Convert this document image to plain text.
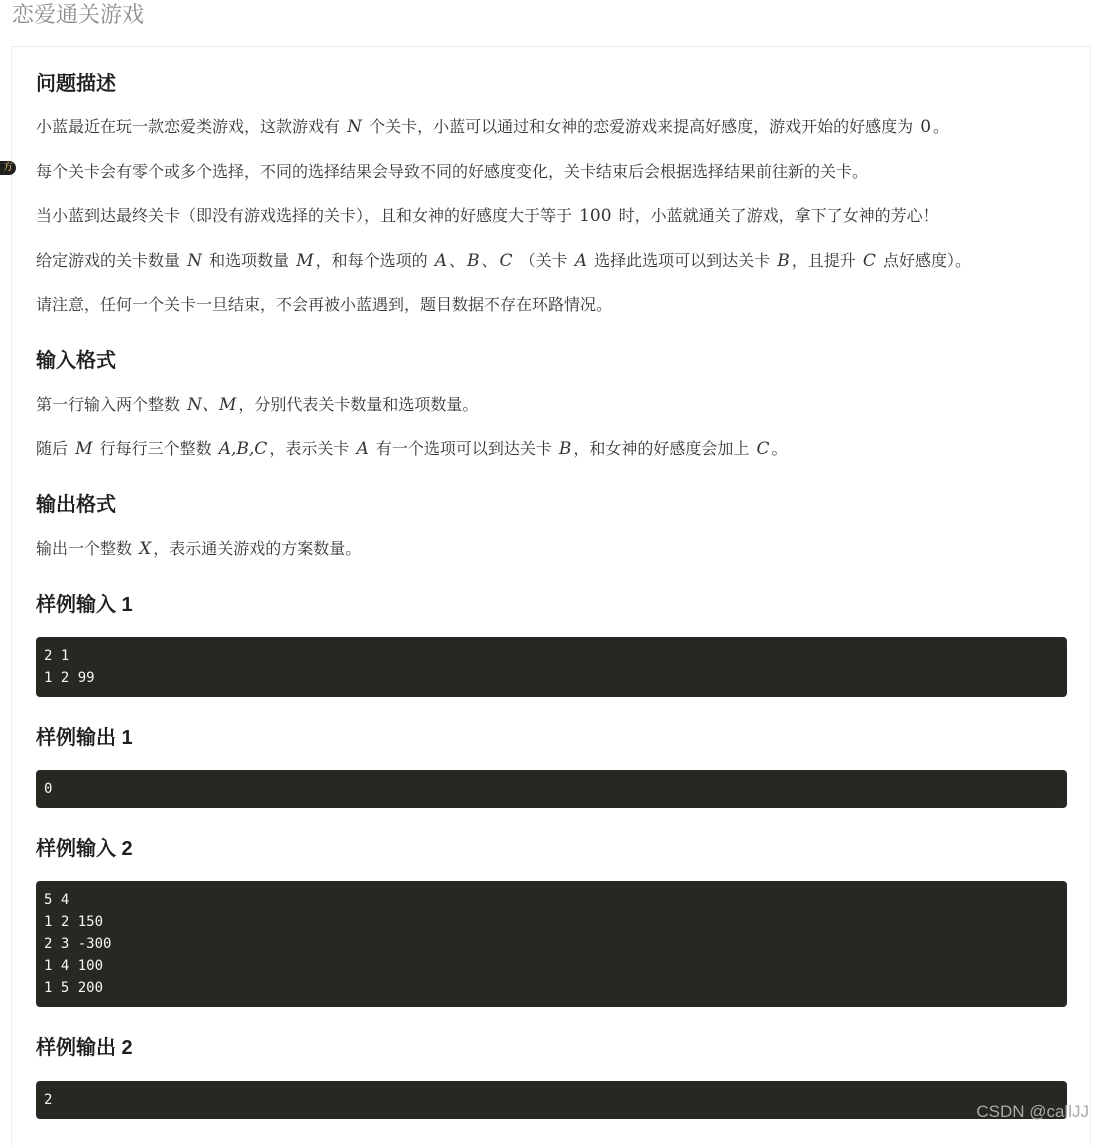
恋爱通关游戏
方
问题描述

小蓝最近在玩一款恋爱类游戏，这款游戏有 N 个关卡，小蓝可以通过和女神的恋爱游戏来提高好感度，游戏开始的好感度为 0 。

每个关卡会有零个或多个选择，不同的选择结果会导致不同的好感度变化，关卡结束后会根据选择结果前往新的关卡。

当小蓝到达最终关卡（即没有游戏选择的关卡），且和女神的好感度大于等于 100 时，小蓝就通关了游戏，拿下了女神的芳心！

给定游戏的关卡数量 N 和选项数量 M ，和每个选项的 A 、 B 、 C （关卡 A 选择此选项可以到达关卡 B ，且提升 C 点好感度）。

请注意，任何一个关卡一旦结束，不会再被小蓝遇到，题目数据不存在环路情况。

输入格式

第一行输入两个整数 N、M ，分别代表关卡数量和选项数量。

随后 M 行每行三个整数 A,B,C ，表示关卡 A 有一个选项可以到达关卡 B ，和女神的好感度会加上 C 。

输出格式

输出一个整数 X ，表示通关游戏的方案数量。

样例输入 1
2 1
1 2 99
样例输出 1
0
样例输入 2
5 4
1 2 150
2 3 -300
1 4 100
1 5 200
样例输出 2
2
CSDN @callJJ
